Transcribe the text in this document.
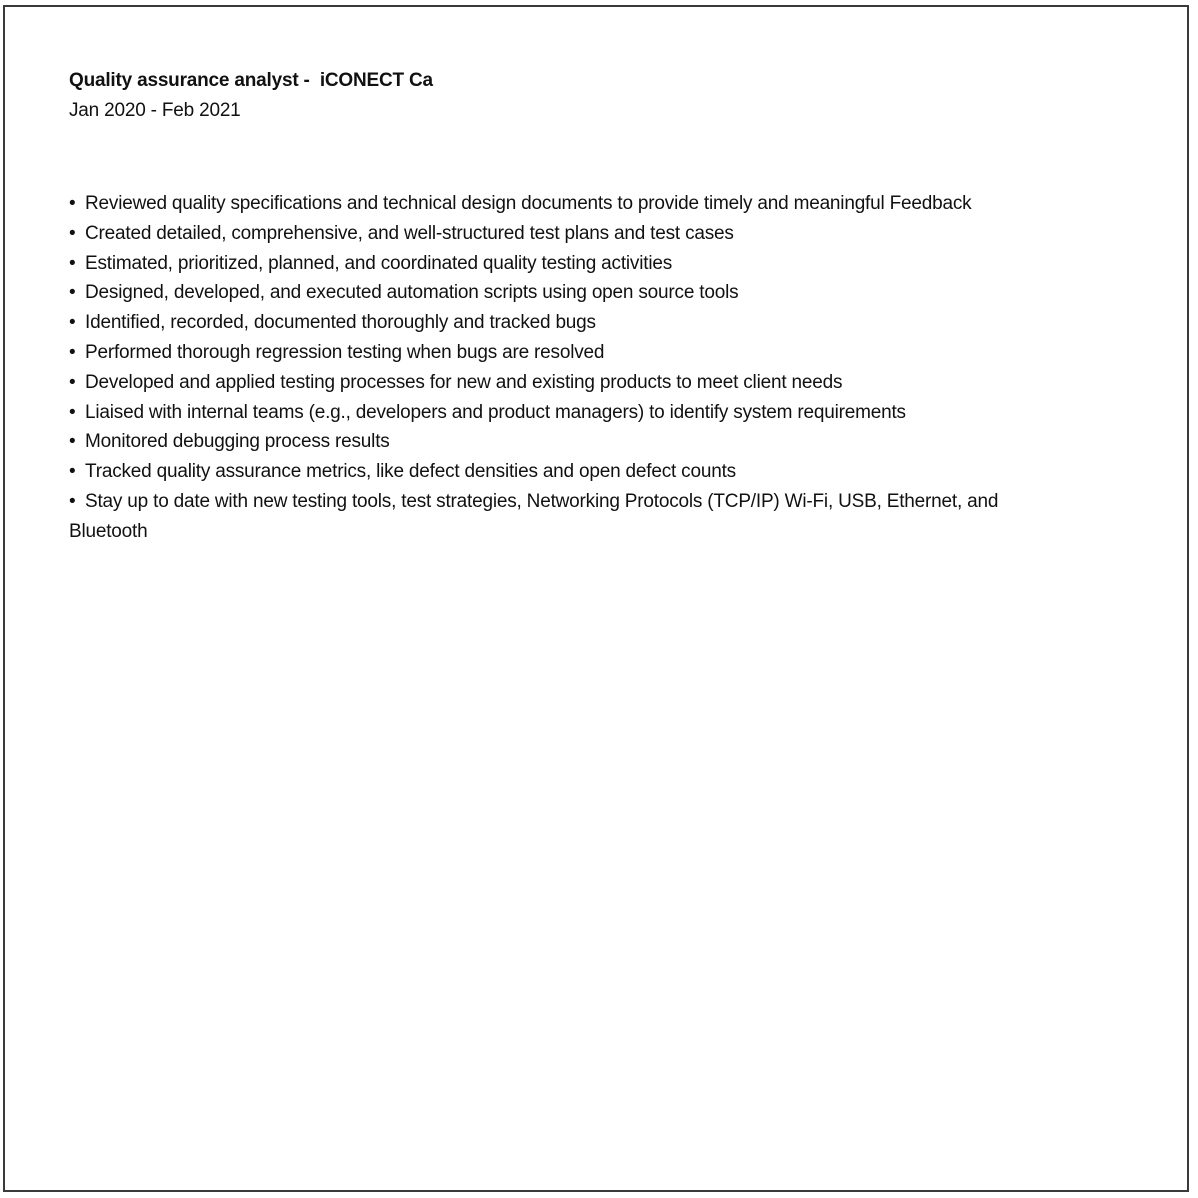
Quality assurance analyst -  iCONECT Ca

Jan 2020 - Feb 2021

• Reviewed quality specifications and technical design documents to provide timely and meaningful Feedback
• Created detailed, comprehensive, and well-structured test plans and test cases
• Estimated, prioritized, planned, and coordinated quality testing activities
• Designed, developed, and executed automation scripts using open source tools
• Identified, recorded, documented thoroughly and tracked bugs
• Performed thorough regression testing when bugs are resolved
• Developed and applied testing processes for new and existing products to meet client needs
• Liaised with internal teams (e.g., developers and product managers) to identify system requirements
• Monitored debugging process results
• Tracked quality assurance metrics, like defect densities and open defect counts
• Stay up to date with new testing tools, test strategies, Networking Protocols (TCP/IP) Wi-Fi, USB, Ethernet, and Bluetooth
